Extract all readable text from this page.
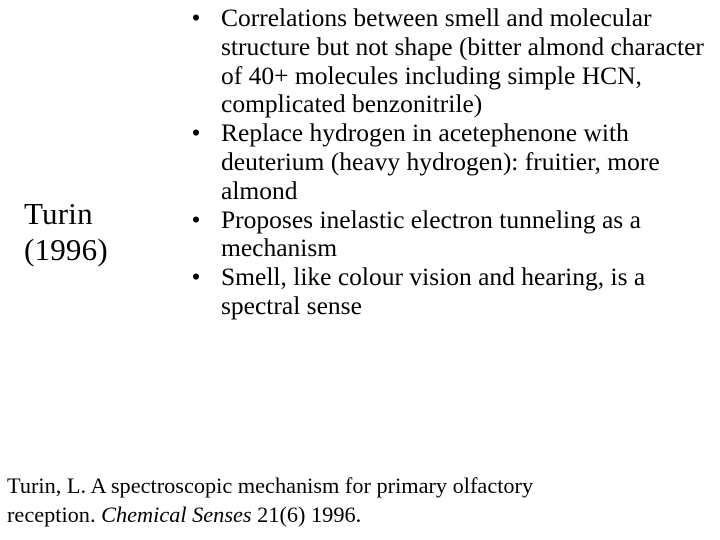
Turin
(1996)
• Correlations between smell and molecular structure but not shape (bitter almond character of 40+ molecules including simple HCN, complicated benzonitrile)
• Replace hydrogen in acetephenone with deuterium (heavy hydrogen): fruitier, more almond
• Proposes inelastic electron tunneling as a mechanism
• Smell, like colour vision and hearing, is a spectral sense
Turin, L. A spectroscopic mechanism for primary olfactory
reception. Chemical Senses 21(6) 1996.
